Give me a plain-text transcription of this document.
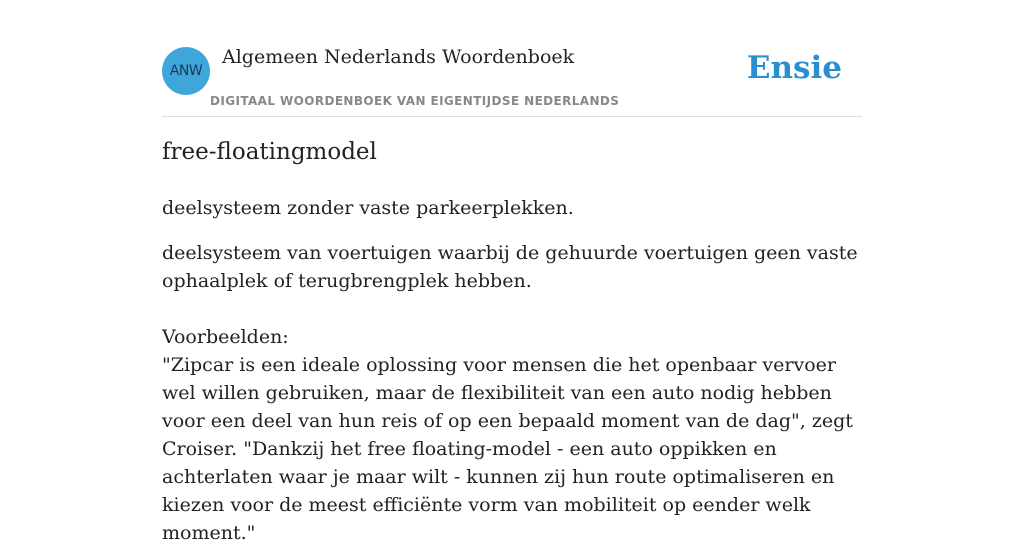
ANW
Algemeen Nederlands Woordenboek
DIGITAAL WOORDENBOEK VAN EIGENTIJDSE NEDERLANDS
Ensie
free-floatingmodel
deelsysteem zonder vaste parkeerplekken.
deelsysteem van voertuigen waarbij de gehuurde voertuigen geen vaste ophaalplek of terugbrengplek hebben.
Voorbeelden:
"Zipcar is een ideale oplossing voor mensen die het openbaar vervoer wel willen gebruiken, maar de flexibiliteit van een auto nodig hebben voor een deel van hun reis of op een bepaald moment van de dag", zegt Croiser. "Dankzij het free floating-model - een auto oppikken en achterlaten waar je maar wilt - kunnen zij hun route optimaliseren en kiezen voor de meest efficiënte vorm van mobiliteit op eender welk moment."
